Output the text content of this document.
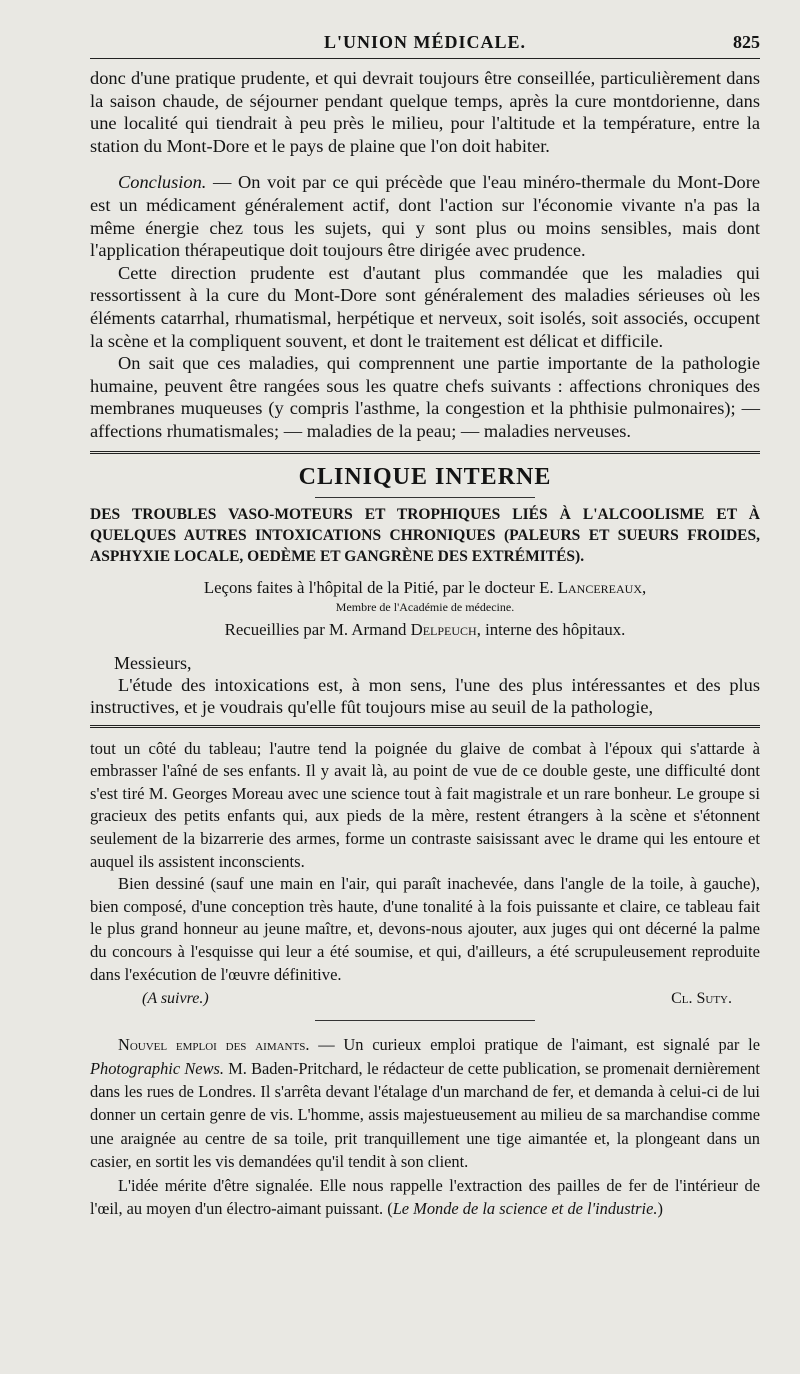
L'UNION MÉDICALE.	825

donc d'une pratique prudente, et qui devrait toujours être conseillée, particulièrement dans la saison chaude, de séjourner pendant quelque temps, après la cure montdorienne, dans une localité qui tiendrait à peu près le milieu, pour l'altitude et la température, entre la station du Mont-Dore et le pays de plaine que l'on doit habiter.

Conclusion. — On voit par ce qui précède que l'eau minéro-thermale du Mont-Dore est un médicament généralement actif, dont l'action sur l'économie vivante n'a pas la même énergie chez tous les sujets, qui y sont plus ou moins sensibles, mais dont l'application thérapeutique doit toujours être dirigée avec prudence.

Cette direction prudente est d'autant plus commandée que les maladies qui ressortissent à la cure du Mont-Dore sont généralement des maladies sérieuses où les éléments catarrhal, rhumatismal, herpétique et nerveux, soit isolés, soit associés, occupent la scène et la compliquent souvent, et dont le traitement est délicat et difficile.

On sait que ces maladies, qui comprennent une partie importante de la pathologie humaine, peuvent être rangées sous les quatre chefs suivants : affections chroniques des membranes muqueuses (y compris l'asthme, la congestion et la phthisie pulmonaires); — affections rhumatismales; — maladies de la peau; — maladies nerveuses.

CLINIQUE INTERNE

DES TROUBLES VASO-MOTEURS ET TROPHIQUES LIÉS À L'ALCOOLISME ET À QUELQUES AUTRES INTOXICATIONS CHRONIQUES (PALEURS ET SUEURS FROIDES, ASPHYXIE LOCALE, OEDÈME ET GANGRÈNE DES EXTRÉMITÉS).

Leçons faites à l'hôpital de la Pitié, par le docteur E. Lancereaux,

Membre de l'Académie de médecine.

Recueillies par M. Armand Delpeuch, interne des hôpitaux.

Messieurs,

L'étude des intoxications est, à mon sens, l'une des plus intéressantes et des plus instructives, et je voudrais qu'elle fût toujours mise au seuil de la pathologie,

tout un côté du tableau; l'autre tend la poignée du glaive de combat à l'époux qui s'attarde à embrasser l'aîné de ses enfants. Il y avait là, au point de vue de ce double geste, une difficulté dont s'est tiré M. Georges Moreau avec une science tout à fait magistrale et un rare bonheur. Le groupe si gracieux des petits enfants qui, aux pieds de la mère, restent étrangers à la scène et s'étonnent seulement de la bizarrerie des armes, forme un contraste saisissant avec le drame qui les entoure et auquel ils assistent inconscients.

Bien dessiné (sauf une main en l'air, qui paraît inachevée, dans l'angle de la toile, à gauche), bien composé, d'une conception très haute, d'une tonalité à la fois puissante et claire, ce tableau fait le plus grand honneur au jeune maître, et, devons-nous ajouter, aux juges qui ont décerné la palme du concours à l'esquisse qui leur a été soumise, et qui, d'ailleurs, a été scrupuleusement reproduite dans l'exécution de l'œuvre définitive.

(A suivre.)	Cl. Suty.

Nouvel emploi des aimants. — Un curieux emploi pratique de l'aimant, est signalé par le Photographic News. M. Baden-Pritchard, le rédacteur de cette publication, se promenait dernièrement dans les rues de Londres. Il s'arrêta devant l'étalage d'un marchand de fer, et demanda à celui-ci de lui donner un certain genre de vis. L'homme, assis majestueusement au milieu de sa marchandise comme une araignée au centre de sa toile, prit tranquillement une tige aimantée et, la plongeant dans un casier, en sortit les vis demandées qu'il tendit à son client.

L'idée mérite d'être signalée. Elle nous rappelle l'extraction des pailles de fer de l'intérieur de l'œil, au moyen d'un électro-aimant puissant. (Le Monde de la science et de l'industrie.)
